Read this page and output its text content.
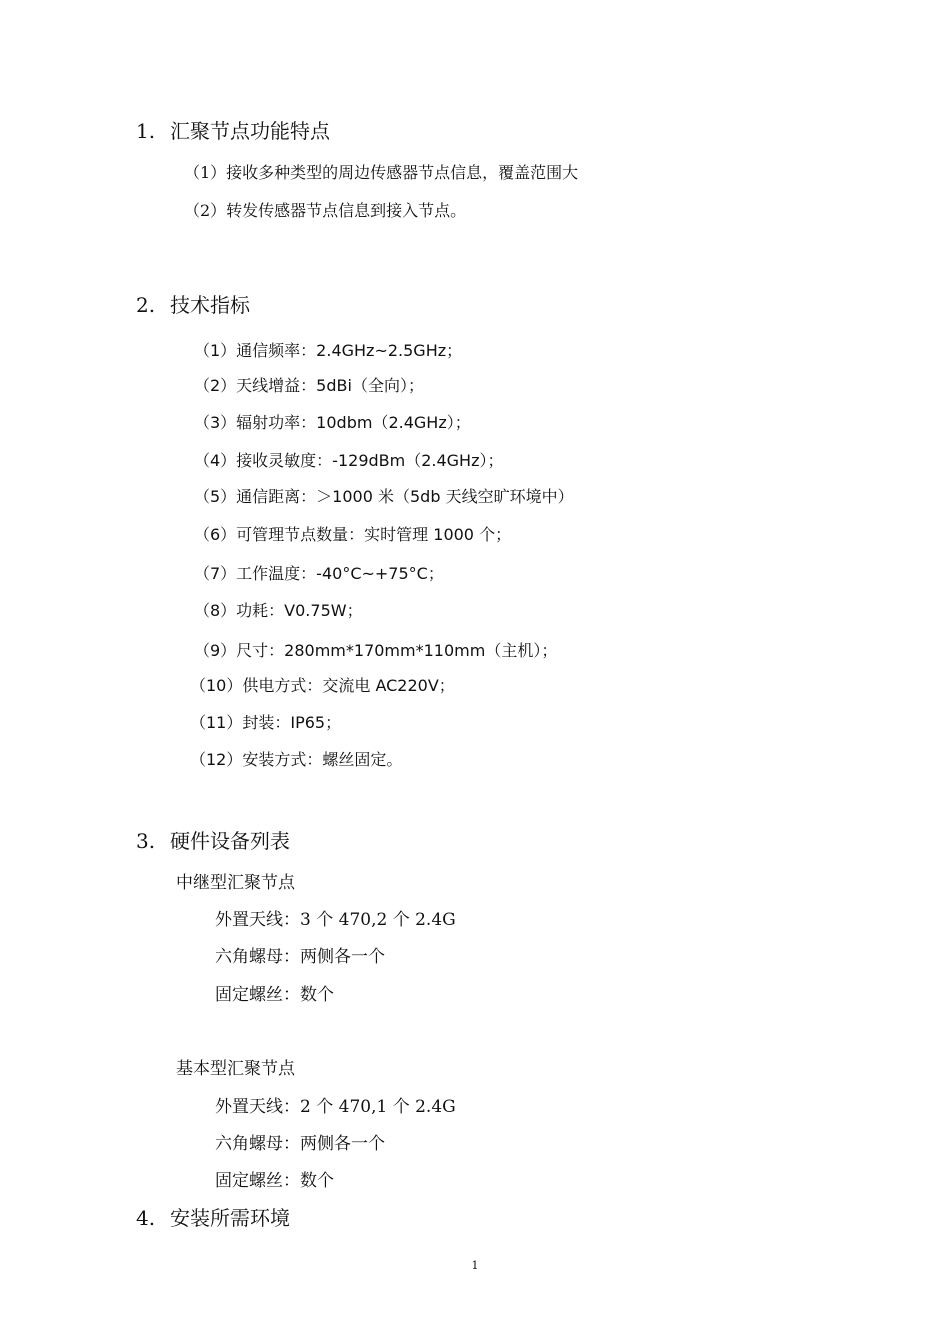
1. 汇聚节点功能特点
（1）接收多种类型的周边传感器节点信息，覆盖范围大
（2）转发传感器节点信息到接入节点。
2. 技术指标
（1）通信频率：2.4GHz~2.5GHz；
（2）天线增益：5dBi（全向）；
（3）辐射功率：10dbm（2.4GHz）；
（4）接收灵敏度：-129dBm（2.4GHz）；
（5）通信距离：＞1000 米（5db 天线空旷环境中）
（6）可管理节点数量：实时管理 1000 个；
（7）工作温度：-40°C~+75°C；
（8）功耗：V0.75W；
（9）尺寸：280mm*170mm*110mm（主机）；
（10）供电方式：交流电 AC220V；
（11）封装：IP65；
（12）安装方式：螺丝固定。
3. 硬件设备列表
中继型汇聚节点
外置天线：3 个 470,2 个 2.4G
六角螺母：两侧各一个
固定螺丝：数个
基本型汇聚节点
外置天线：2 个 470,1 个 2.4G
六角螺母：两侧各一个
固定螺丝：数个
4. 安装所需环境
1
